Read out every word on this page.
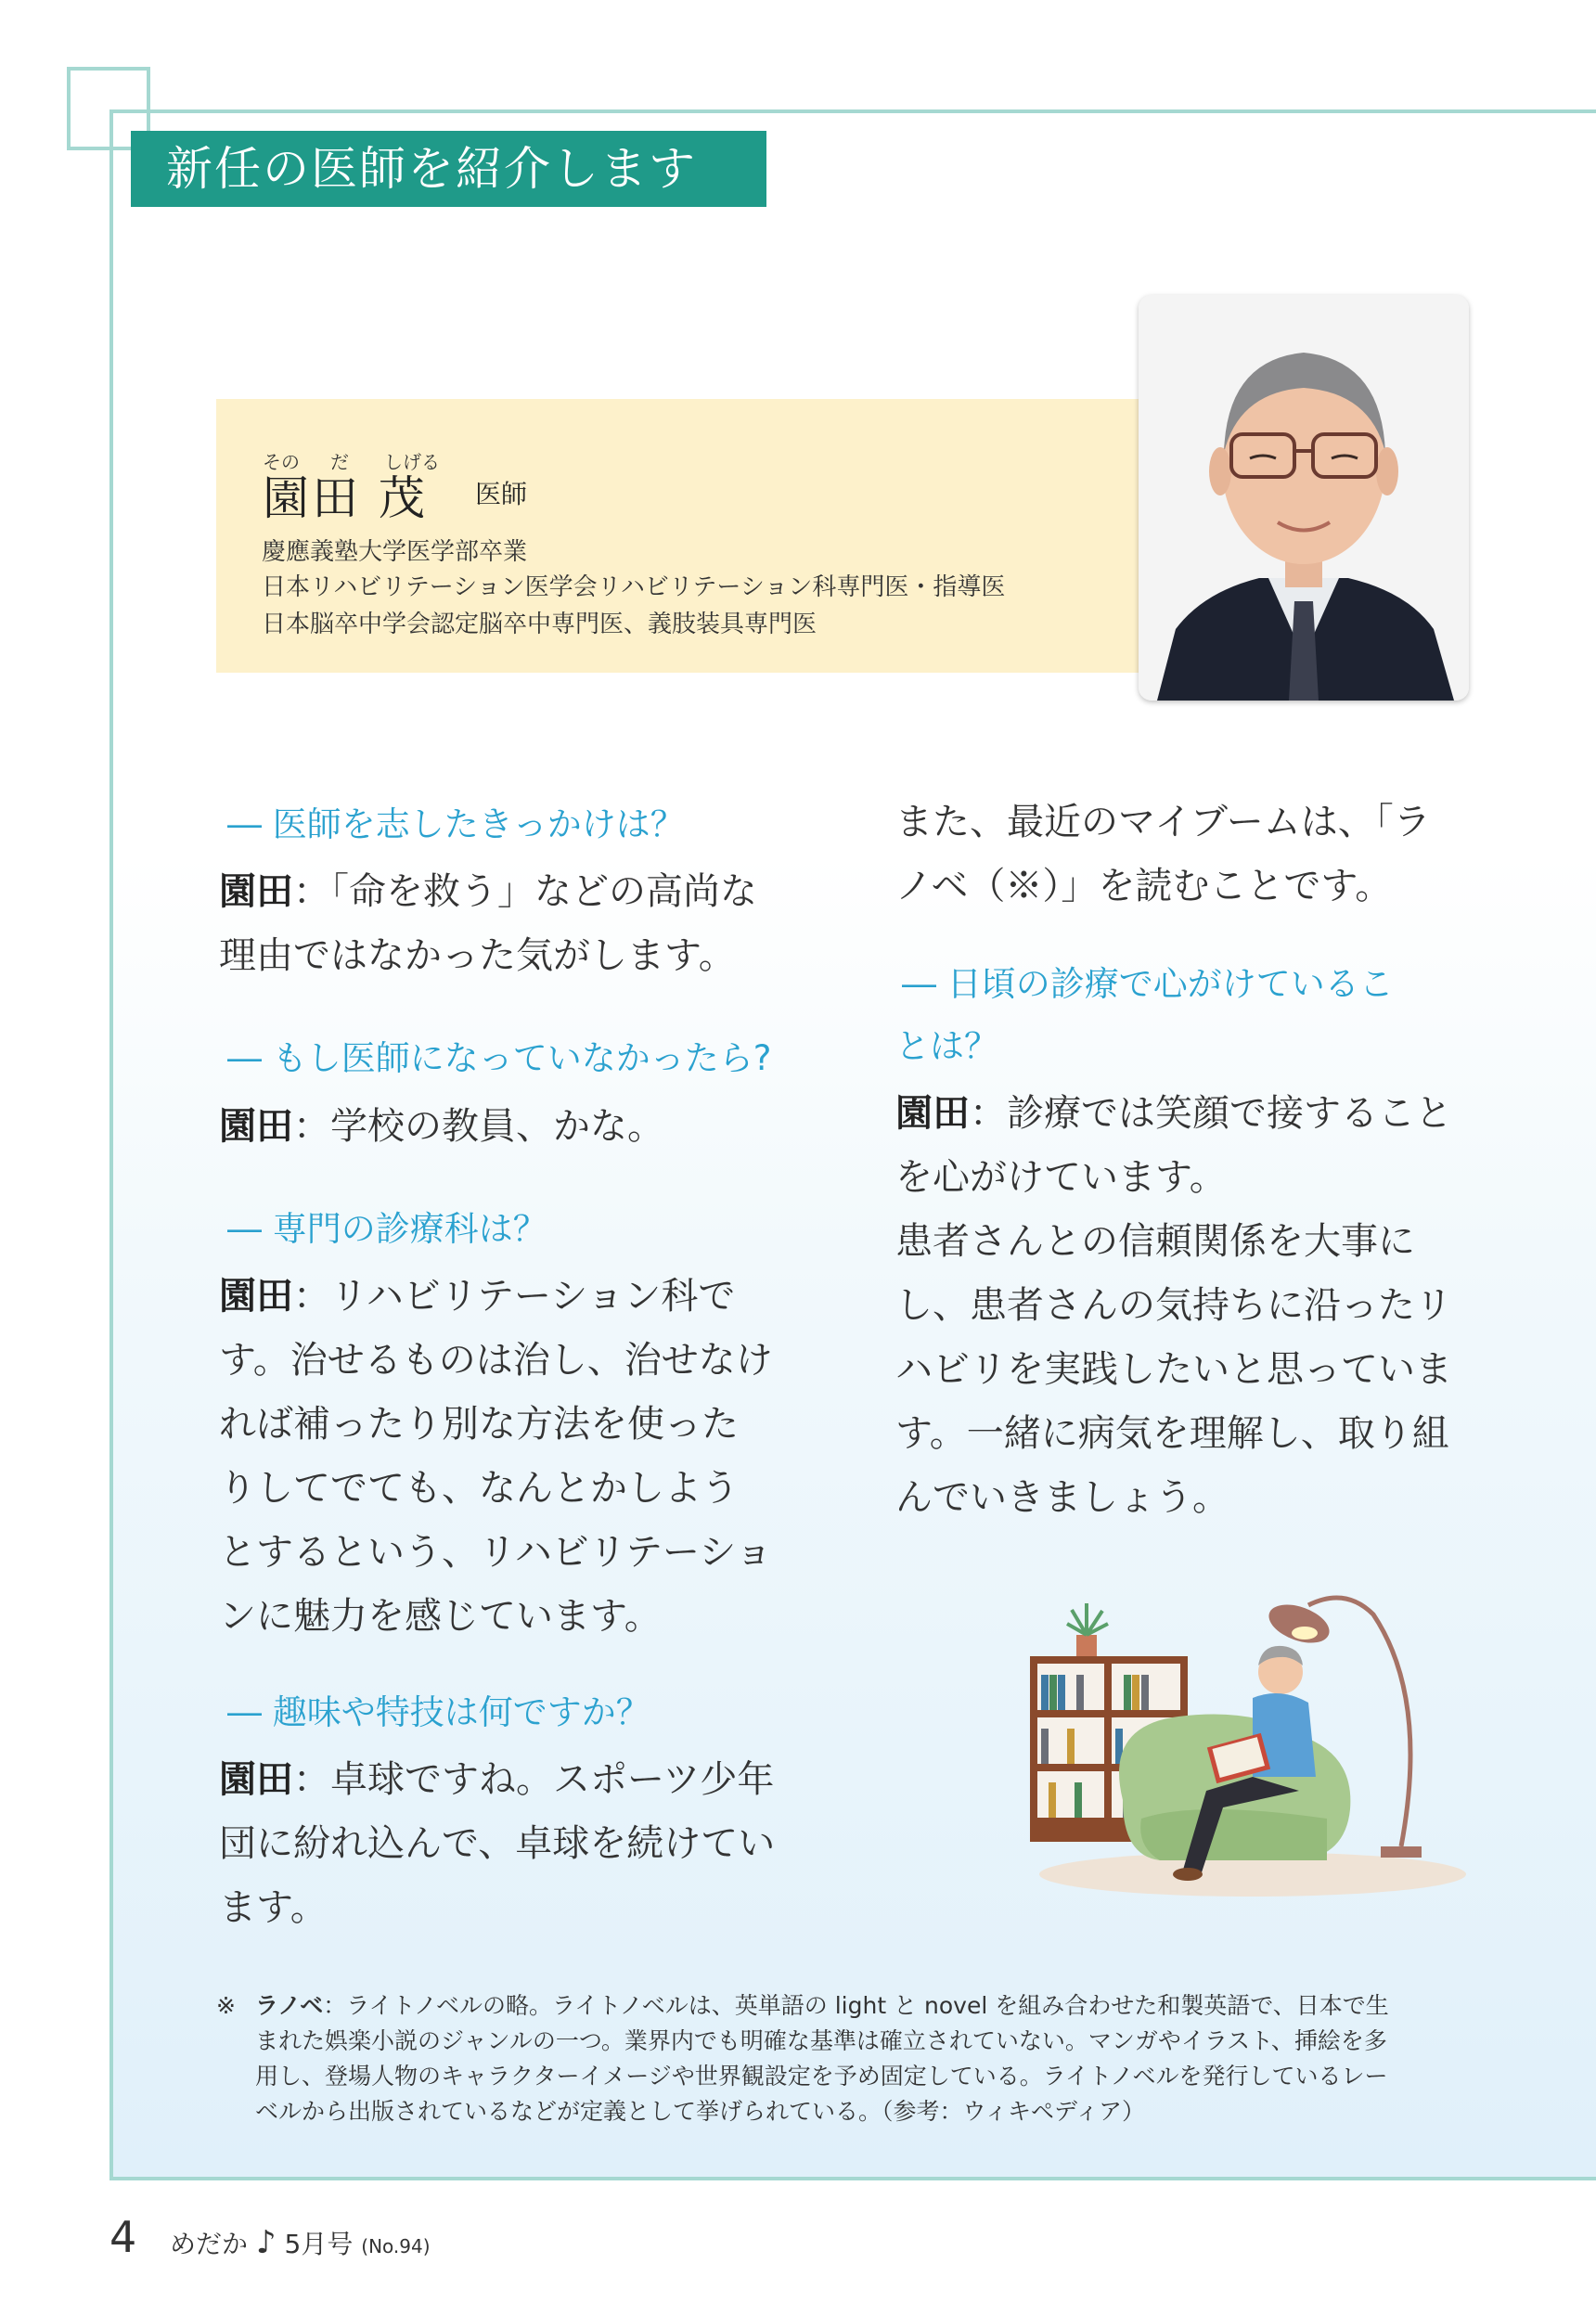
新任の医師を紹介します
その だ しげる
園田 茂 医師
慶應義塾大学医学部卒業
日本リハビリテーション医学会リハビリテーション科専門医・指導医
日本脳卒中学会認定脳卒中専門医、義肢装具専門医
― 医師を志したきっかけは？
園田：「命を救う」などの高尚な
理由ではなかった気がします。
― もし医師になっていなかったら?
園田：学校の教員、かな。
― 専門の診療科は？
園田：リハビリテーション科で
す。治せるものは治し、治せなけ
れば補ったり別な方法を使った
りしてでても、なんとかしよう
とするという、リハビリテーショ
ンに魅力を感じています。
― 趣味や特技は何ですか？
園田：卓球ですね。スポーツ少年
団に紛れ込んで、卓球を続けてい
ます。
また、最近のマイブームは、「ラ
ノベ（※）」を読むことです。
― 日頃の診療で心がけているこ
とは？
園田：診療では笑顔で接すること
を心がけています。
患者さんとの信頼関係を大事に
し、患者さんの気持ちに沿ったリ
ハビリを実践したいと思っていま
す。一緒に病気を理解し、取り組
んでいきましょう。
※ ラノベ：ライトノベルの略。ライトノベルは、英単語の light と novel を組み合わせた和製英語で、日本で生
まれた娯楽小説のジャンルの一つ。業界内でも明確な基準は確立されていない。マンガやイラスト、挿絵を多
用し、登場人物のキャラクターイメージや世界観設定を予め固定している。ライトノベルを発行しているレー
ベルから出版されているなどが定義として挙げられている。（参考：ウィキペディア）
4 めだか ♪ 5月号 (No.94)
